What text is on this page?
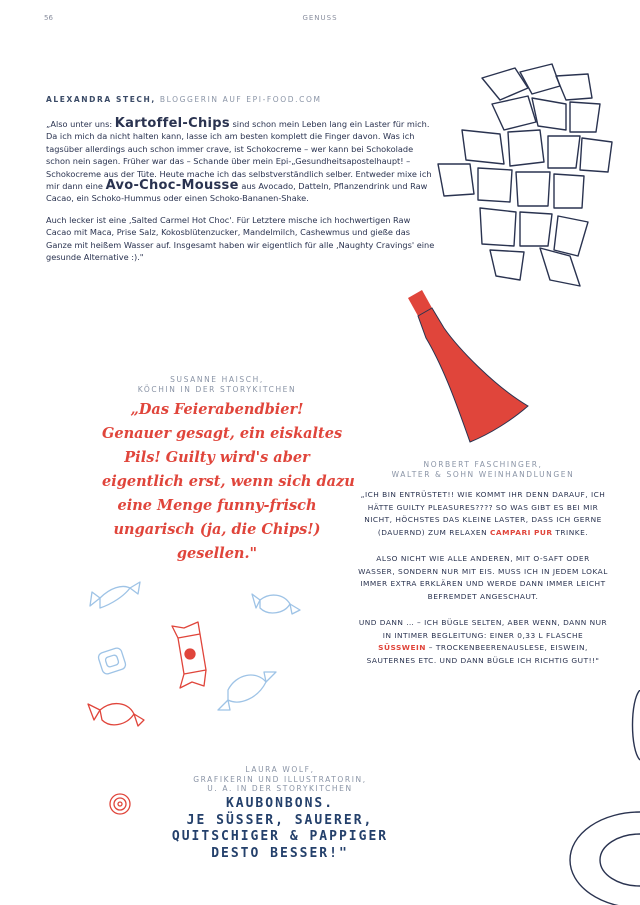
56	GENUSS
ALEXANDRA STECH, BLOGGERIN AUF EPI-FOOD.COM

„Also unter uns: Kartoffel-Chips sind schon mein Leben lang ein Laster für mich. Da ich mich da nicht halten kann, lasse ich am besten komplett die Finger davon. Was ich tagsüber allerdings auch schon immer crave, ist Schokocreme – wer kann bei Schokolade schon nein sagen. Früher war das – Schande über mein Epi-„Gesundheitsapostelhaupt! – Schokocreme aus der Tüte. Heute mache ich das selbstverständlich selber. Entweder mixe ich mir dann eine Avo-Choc-Mousse aus Avocado, Datteln, Pflanzendrink und Raw Cacao, ein Schoko-Hummus oder einen Schoko-Bananen-Shake.

Auch lecker ist eine ‚Salted Carmel Hot Choc'. Für Letztere mische ich hochwertigen Raw Cacao mit Maca, Prise Salz, Kokosblütenzucker, Mandelmilch, Cashewmus und gieße das Ganze mit heißem Wasser auf. Insgesamt haben wir eigentlich für alle ‚Naughty Cravings' eine gesunde Alternative :)."

SUSANNE HAISCH,
KÖCHIN IN DER STORYKITCHEN
„Das Feierabendbier!
Genauer gesagt, ein eiskaltes
Pils! Guilty wird's aber
eigentlich erst, wenn sich dazu
eine Menge funny-frisch
ungarisch (ja, die Chips!)
gesellen."
NORBERT FASCHINGER,
WALTER & SOHN WEINHANDLUNGEN

„ICH BIN ENTRÜSTET!! WIE KOMMT IHR DENN DARAUF, ICH HÄTTE GUILTY PLEASURES???? SO WAS GIBT ES BEI MIR NICHT, HÖCHSTES DAS KLEINE LASTER, DASS ICH GERNE (DAUERND) ZUM RELAXEN CAMPARI PUR TRINKE.

ALSO NICHT WIE ALLE ANDEREN, MIT O-SAFT ODER WASSER, SONDERN NUR MIT EIS. MUSS ICH IN JEDEM LOKAL IMMER EXTRA ERKLÄREN UND WERDE DANN IMMER LEICHT BEFREMDET ANGESCHAUT.

UND DANN … – ICH BÜGLE SELTEN, ABER WENN, DANN NUR IN INTIMER BEGLEITUNG: EINER 0,33 L FLASCHE SÜSSWEIN – TROCKENBEERENAUSLESE, EISWEIN, SAUTERNES ETC. UND DANN BÜGLE ICH RICHTIG GUT!!"

LAURA WOLF,
GRAFIKERIN UND ILLUSTRATORIN,
U. A. IN DER STORYKITCHEN
KAUBONBONS.
JE SÜSSER, SAUERER,
QUITSCHIGER & PAPPIGER
DESTO BESSER!"
